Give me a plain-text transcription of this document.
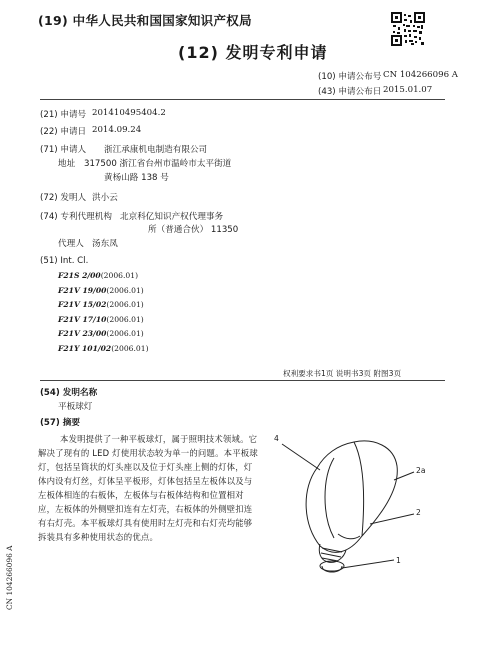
(19) 中华人民共和国国家知识产权局
(12) 发明专利申请
(10) 申请公布号 CN 104266096 A
(43) 申请公布日 2015.01.07
(21) 申请号 201410495404.2
(22) 申请日 2014.09.24
(71) 申请人 浙江承康机电制造有限公司
地址 317500 浙江省台州市温岭市太平街道
黄杨山路 138 号
(72) 发明人 洪小云
(74) 专利代理机构 北京科亿知识产权代理事务
所（普通合伙） 11350
代理人 汤东凤
(51) Int. Cl.
F21S 2/00(2006.01)
F21V 19/00(2006.01)
F21V 15/02(2006.01)
F21V 17/10(2006.01)
F21V 23/00(2006.01)
F21Y 101/02(2006.01)
权利要求书1页 说明书3页 附图3页
(54) 发明名称
平板球灯
(57) 摘要
本发明提供了一种平板球灯，属于照明技术领域。它解决了现有的 LED 灯使用状态较为单一的问题。本平板球灯，包括呈筒状的灯头座以及位于灯头座上侧的灯体，灯体内设有灯丝，灯体呈平板形，灯体包括呈左板体以及与左板体相连的右板体，左板体与右板体结构和位置相对应，左板体的外侧壁扣连有左灯壳，右板体的外侧壁扣连有右灯壳。本平板球灯具有使用时左灯壳和右灯壳均能够拆装具有多种使用状态的优点。
4
2a
2
1
CN 104266096 A
